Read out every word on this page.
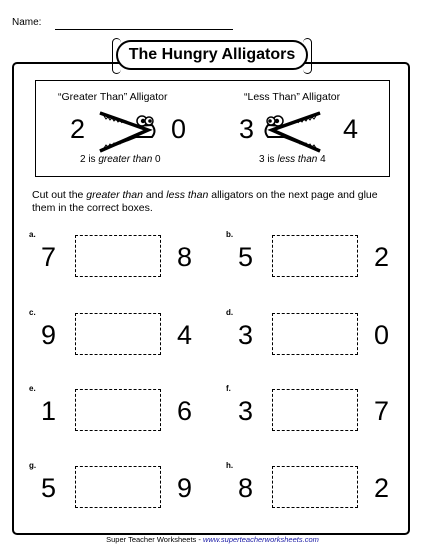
Name:
The Hungry Alligators
“Greater Than” Alligator
2	0
2 is greater than 0
“Less Than” Alligator
3	4
3 is less than 4
Cut out the greater than and less than alligators on the next page and glue them in the correct boxes.
a.
7	8
b.
5	2
c.
9	4
d.
3	0
e.
1	6
f.
3	7
g.
5	9
h.
8	2
Super Teacher Worksheets - www.superteacherworksheets.com
